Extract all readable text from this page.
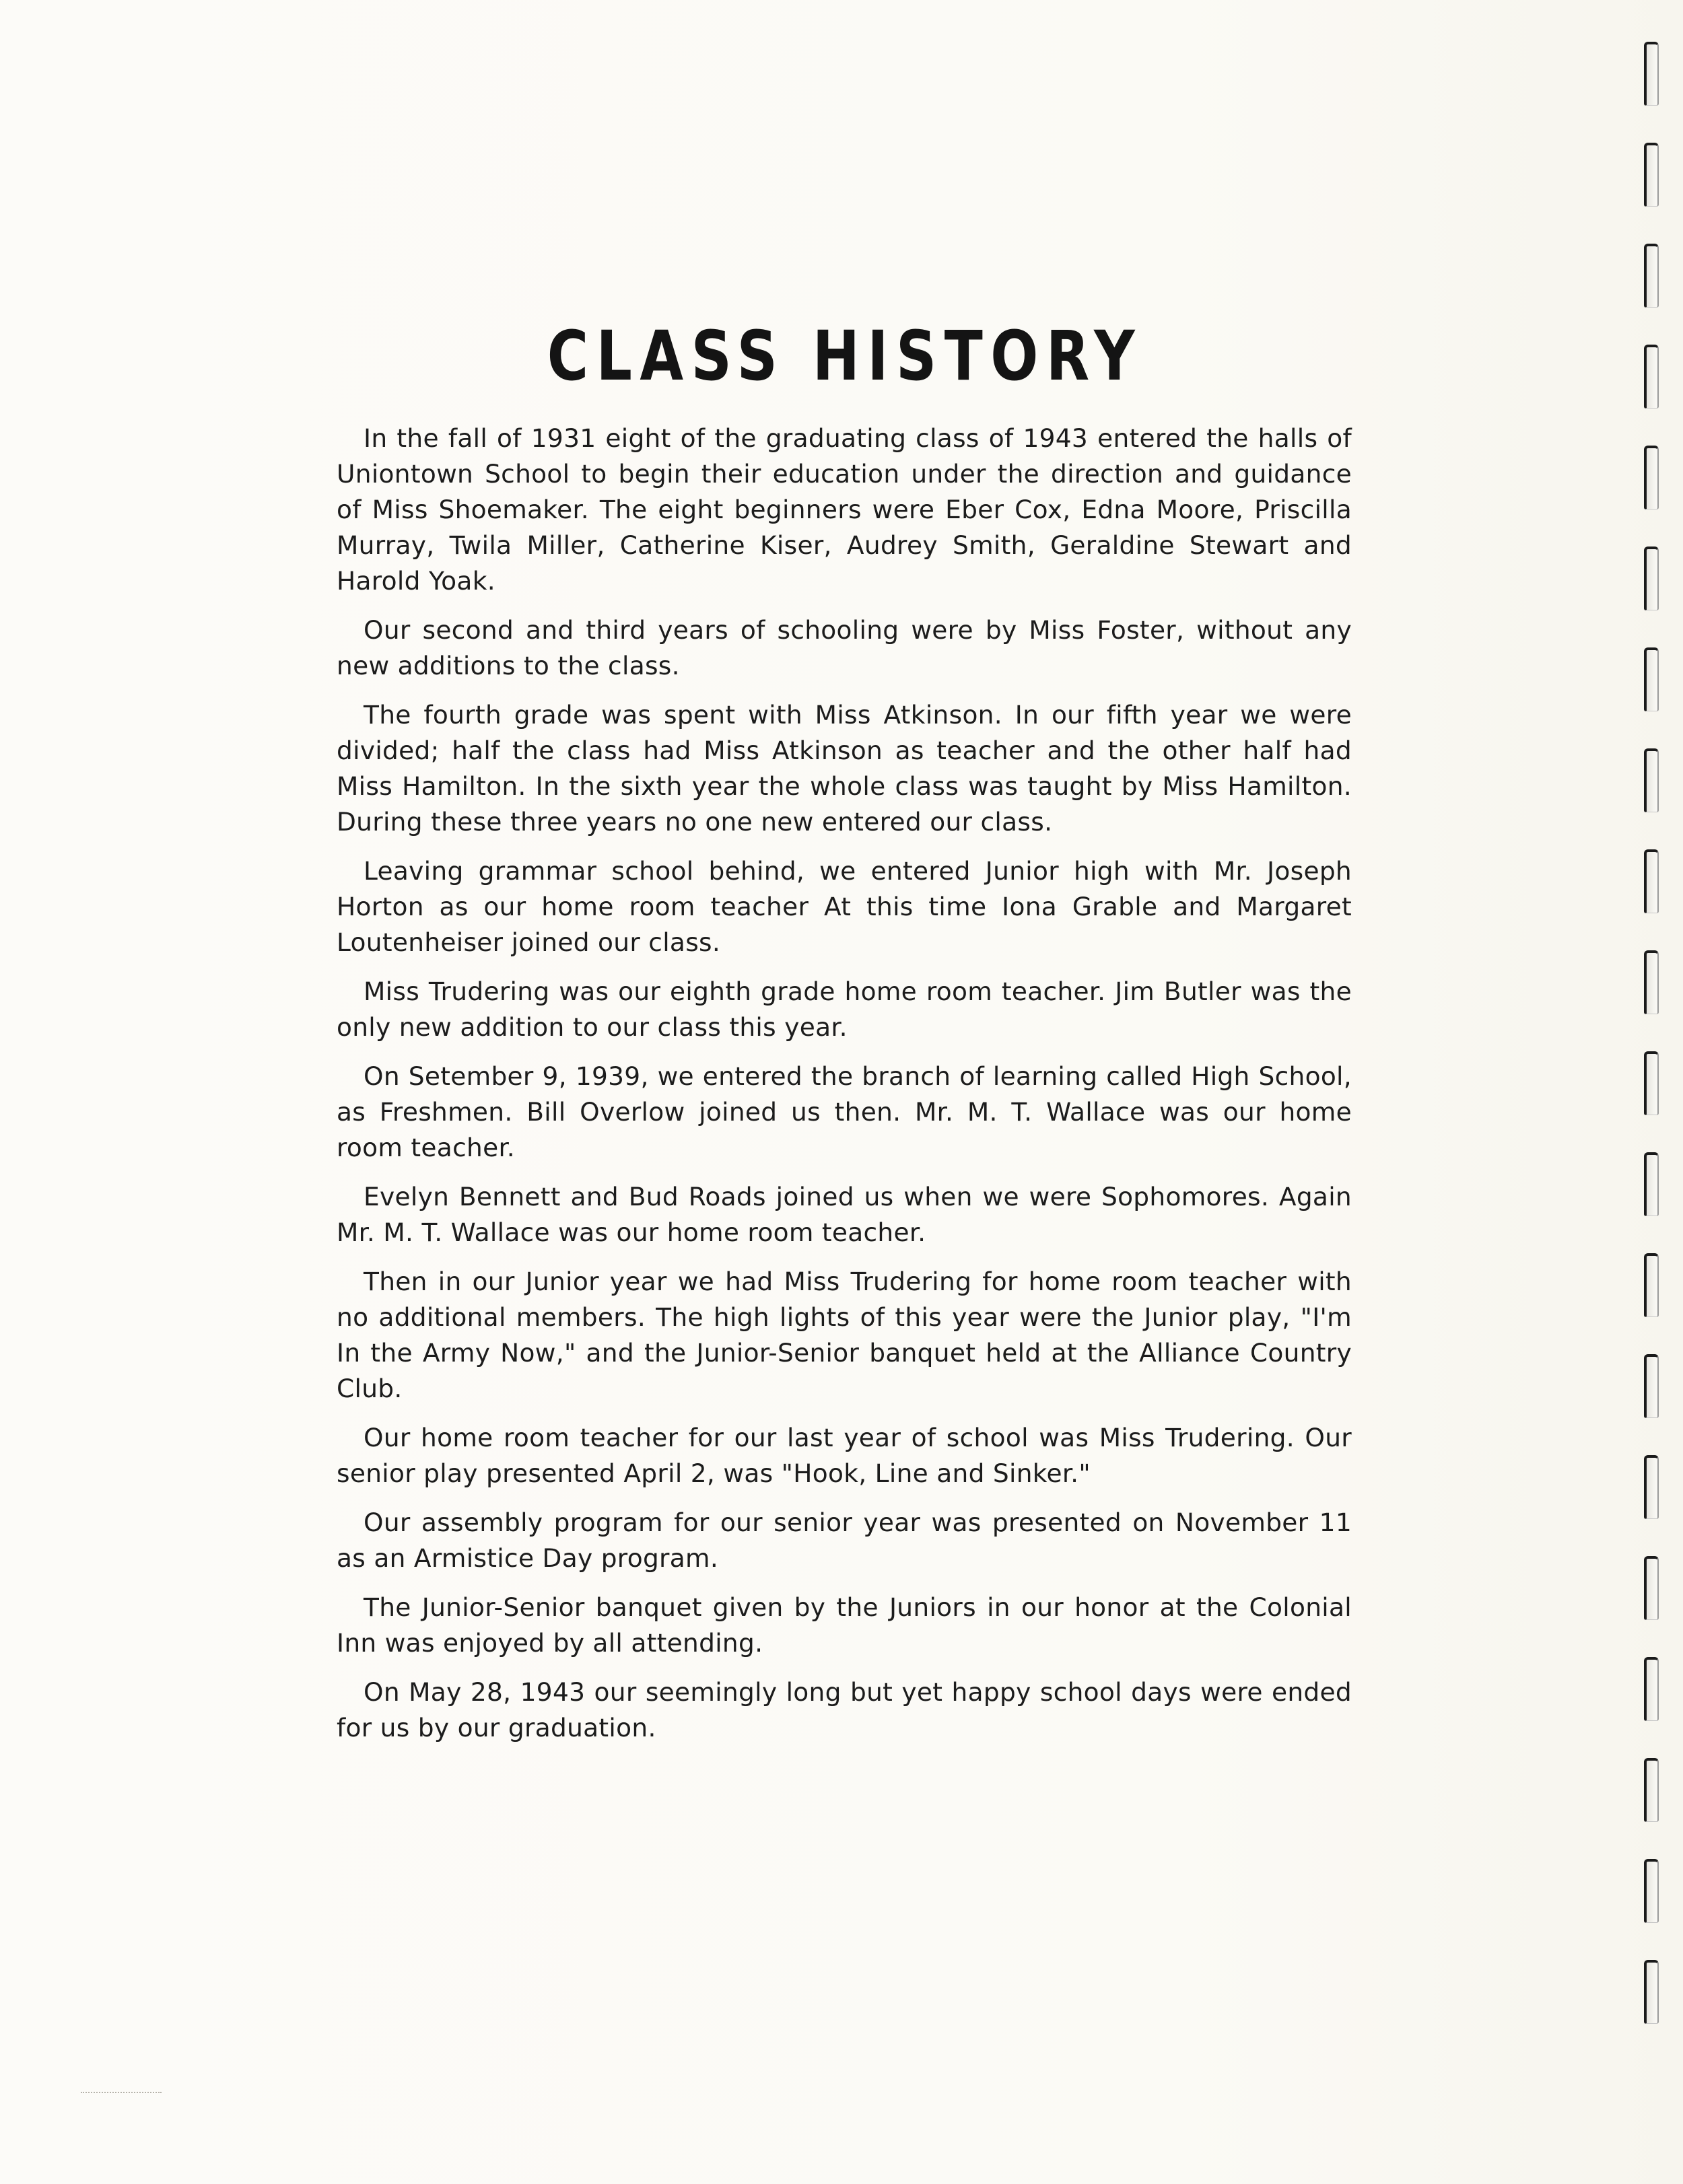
CLASS HISTORY

In the fall of 1931 eight of the graduating class of 1943 entered the halls of Uniontown School to begin their education under the direction and guidance of Miss Shoemaker. The eight beginners were Eber Cox, Edna Moore, Priscilla Murray, Twila Miller, Catherine Kiser, Audrey Smith, Geraldine Stewart and Harold Yoak.

Our second and third years of schooling were by Miss Foster, without any new additions to the class.

The fourth grade was spent with Miss Atkinson. In our fifth year we were divided; half the class had Miss Atkinson as teacher and the other half had Miss Hamilton. In the sixth year the whole class was taught by Miss Hamilton. During these three years no one new entered our class.

Leaving grammar school behind, we entered Junior high with Mr. Joseph Horton as our home room teacher At this time Iona Grable and Margaret Loutenheiser joined our class.

Miss Trudering was our eighth grade home room teacher. Jim Butler was the only new addition to our class this year.

On Setember 9, 1939, we entered the branch of learning called High School, as Freshmen. Bill Overlow joined us then. Mr. M. T. Wallace was our home room teacher.

Evelyn Bennett and Bud Roads joined us when we were Sophomores. Again Mr. M. T. Wallace was our home room teacher.

Then in our Junior year we had Miss Trudering for home room teacher with no additional members. The high lights of this year were the Junior play, "I'm In the Army Now," and the Junior-Senior banquet held at the Alliance Country Club.

Our home room teacher for our last year of school was Miss Trudering. Our senior play presented April 2, was "Hook, Line and Sinker."

Our assembly program for our senior year was presented on November 11 as an Armistice Day program.

The Junior-Senior banquet given by the Juniors in our honor at the Colonial Inn was enjoyed by all attending.

On May 28, 1943 our seemingly long but yet happy school days were ended for us by our graduation.
